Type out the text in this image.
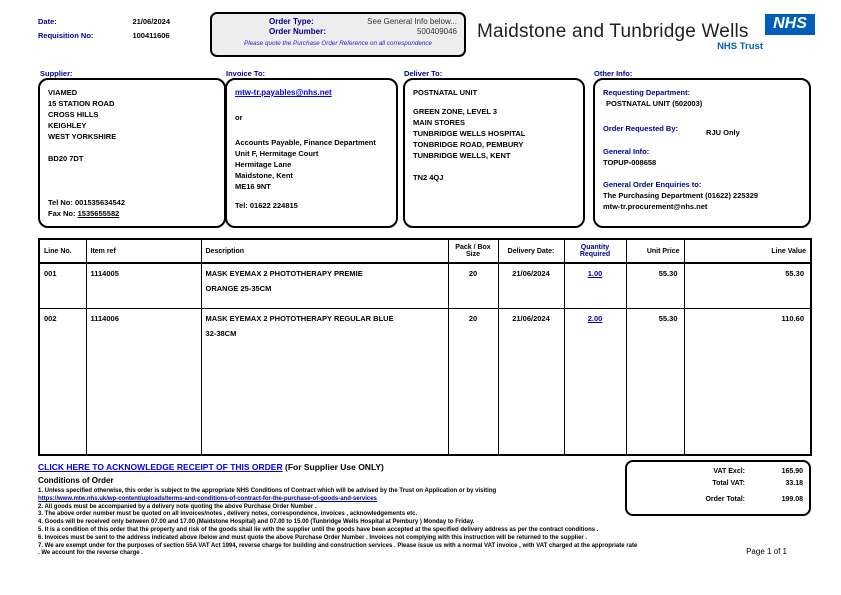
Date:	21/06/2024
Requisition No:	100411606
Order Type:	See General Info below...
Order Number:	500409046
Please quote the Purchase Order Reference on all correspondence
Maidstone and Tunbridge Wells	NHS
NHS Trust
Supplier:	Invoice To:	Deliver To:	Other Info:
VIAMED
15 STATION ROAD
CROSS HILLS
KEIGHLEY
WEST YORKSHIRE
BD20 7DT
Tel No: 001535634542
Fax No: 1535655582
mtw-tr.payables@nhs.net
or
Accounts Payable, Finance Department
Unit F, Hermitage Court
Hermitage Lane
Maidstone, Kent
ME16 9NT
Tel: 01622 224815
POSTNATAL UNIT
GREEN ZONE, LEVEL 3
MAIN STORES
TUNBRIDGE WELLS HOSPITAL
TONBRIDGE ROAD, PEMBURY
TUNBRIDGE WELLS, KENT
TN2 4QJ
Requesting Department:
POSTNATAL UNIT (502003)
Order Requested By:	RJU Only
General Info:
TOPUP-008658
General Order Enquiries to:
The Purchasing Department (01622) 225329
mtw-tr.procurement@nhs.net
Line No.	Item ref	Description	Pack / Box Size	Delivery Date:	Quantity Required	Unit Price	Line Value
001	1114005	MASK EYEMAX 2 PHOTOTHERAPY PREMIE
ORANGE 25-35CM	20	21/06/2024	1.00	55.30	55.30
002	1114006	MASK EYEMAX 2 PHOTOTHERAPY REGULAR BLUE
32-38CM	20	21/06/2024	2.00	55.30	110.60
CLICK HERE TO ACKNOWLEDGE RECEIPT OF THIS ORDER (For Supplier Use ONLY)
Conditions of Order
1. Unless specified otherwise, this order is subject to the appropriate NHS Conditions of Contract which will be advised by the Trust on Application or by visiting
https://www.mtw.nhs.uk/wp-content/uploads/terms-and-conditions-of-contract-for-the-purchase-of-goods-and-services
2. All goods must be accompanied by a delivery note quoting the above Purchase Order Number .
3. The above order number must be quoted on all invoices/notes , delivery notes, correspondence, invoices , acknowledgements etc.
4. Goods will be received only between 07.00 and 17.00 (Maidstone Hospital) and 07.00 to 15.00 (Tunbridge Wells Hospital at Pembury ) Monday to Friday.
5. It is a condition of this order that the property and risk of the goods shall lie with the supplier until the goods have been accepted at the specified delivery address as per the contract conditions .
6. Invoices must be sent to the address indicated above /below and must quote the above Purchase Order Number . Invoices not complying with this instruction will be returned to the supplier .
7. We are exempt under for the purposes of section 55A VAT Act 1994, reverse charge for building and construction services . Please issue us with a normal VAT invoice , with VAT charged at the appropriate rate . We account for the reverse charge .
VAT Excl:	165.90
Total VAT:	33.18
Order Total:	199.08
Page 1 of 1
